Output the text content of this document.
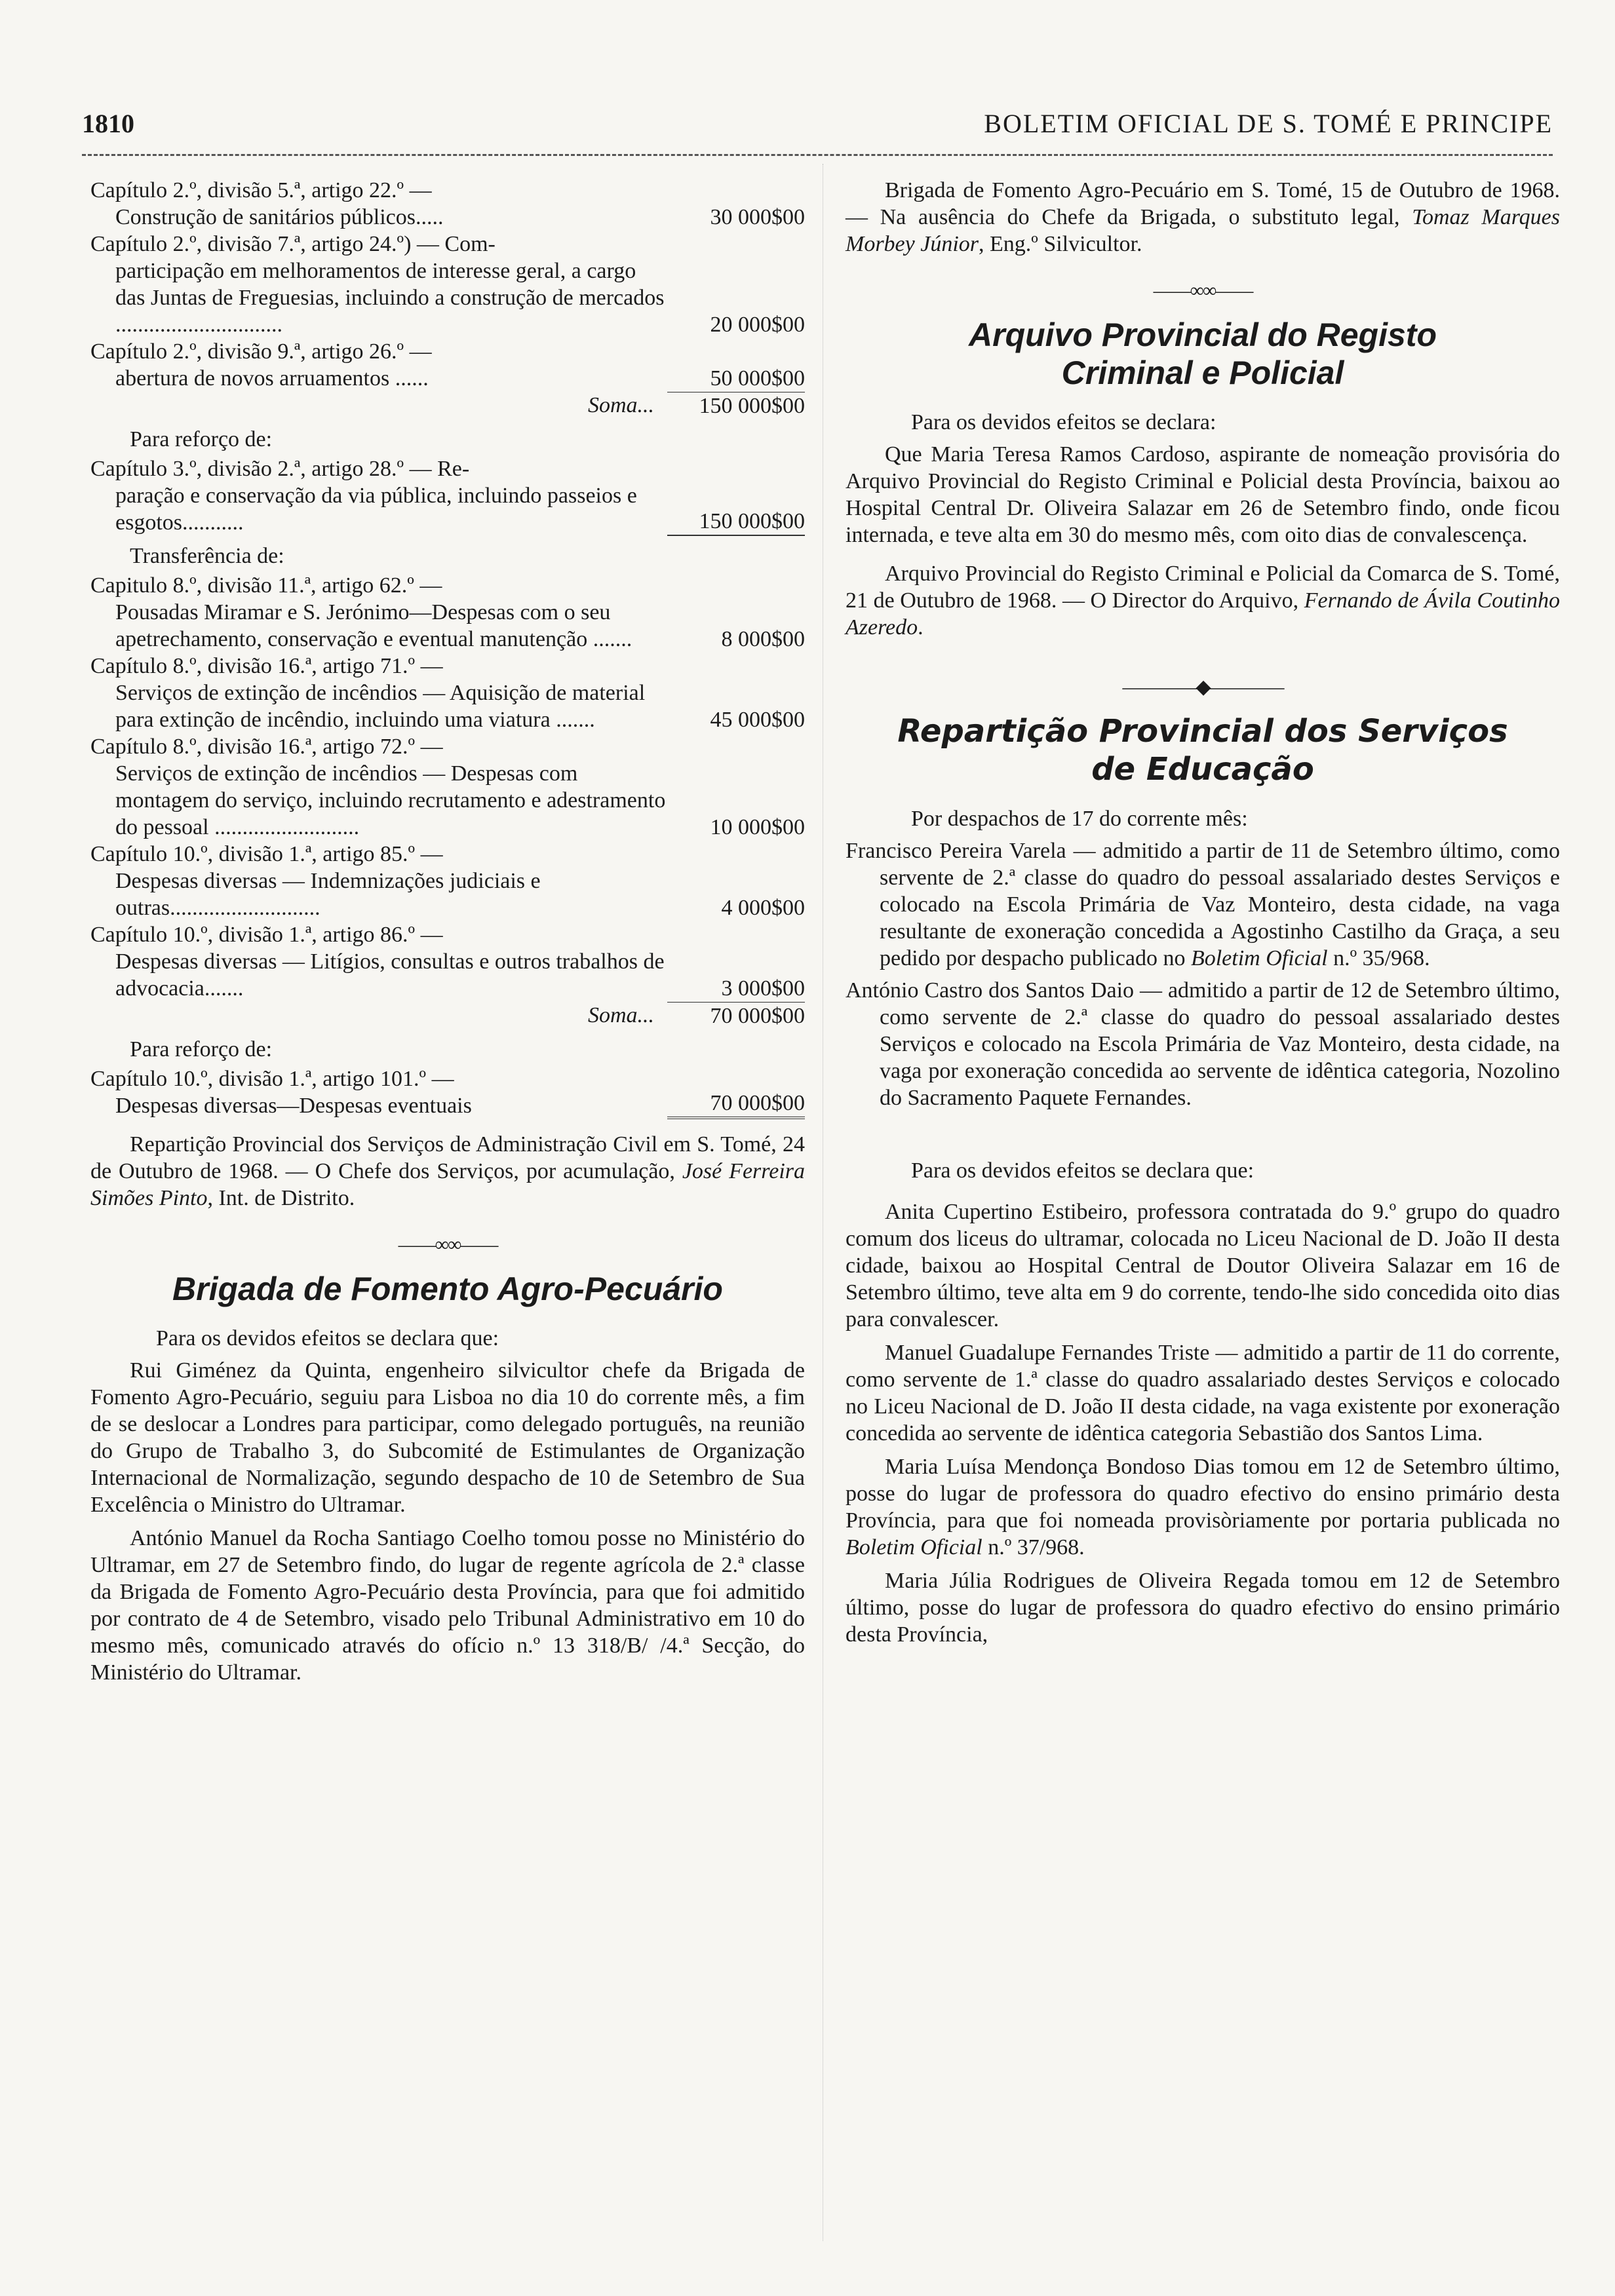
1810	BOLETIM OFICIAL DE S. TOMÉ E PRINCIPE
Capítulo 2.º, divisão 5.ª, artigo 22.º —
Construção de sanitários públicos.....	30 000$00
Capítulo 2.º, divisão 7.ª, artigo 24.º) — Com-
participação em melhoramentos de interesse geral, a cargo das Juntas de Freguesias, incluindo a construção de mercados ..............................	20 000$00
Capítulo 2.º, divisão 9.ª, artigo 26.º —
abertura de novos arruamentos ......	50 000$00
Soma...	150 000$00
Para reforço de:
Capítulo 3.º, divisão 2.ª, artigo 28.º — Re-
paração e conservação da via pública, incluindo passeios e esgotos...........	150 000$00
Transferência de:
Capitulo 8.º, divisão 11.ª, artigo 62.º —
Pousadas Miramar e S. Jerónimo—Despesas com o seu apetrechamento, conservação e eventual manutenção .......	8 000$00
Capítulo 8.º, divisão 16.ª, artigo 71.º —
Serviços de extinção de incêndios — Aquisição de material para extinção de incêndio, incluindo uma viatura .......	45 000$00
Capítulo 8.º, divisão 16.ª, artigo 72.º —
Serviços de extinção de incêndios — Despesas com montagem do serviço, incluindo recrutamento e adestramento do pessoal ..........................	10 000$00
Capítulo 10.º, divisão 1.ª, artigo 85.º —
Despesas diversas — Indemnizações judiciais e outras...........................	4 000$00
Capítulo 10.º, divisão 1.ª, artigo 86.º —
Despesas diversas — Litígios, consultas e outros trabalhos de advocacia.......	3 000$00
Soma...	70 000$00
Para reforço de:
Capítulo 10.º, divisão 1.ª, artigo 101.º —
Despesas diversas—Despesas eventuais	70 000$00

Repartição Provincial dos Serviços de Administração Civil em S. Tomé, 24 de Outubro de 1968. — O Chefe dos Serviços, por acumulação, José Ferreira Simões Pinto, Int. de Distrito.

——∞∞——
Brigada de Fomento Agro-Pecuário
Para os devidos efeitos se declara que:

Rui Giménez da Quinta, engenheiro silvicultor chefe da Brigada de Fomento Agro-Pecuário, seguiu para Lisboa no dia 10 do corrente mês, a fim de se deslocar a Londres para participar, como delegado português, na reunião do Grupo de Trabalho 3, do Subcomité de Estimulantes de Organização Internacional de Normalização, segundo despacho de 10 de Setembro de Sua Excelência o Ministro do Ultramar.

António Manuel da Rocha Santiago Coelho tomou posse no Ministério do Ultramar, em 27 de Setembro findo, do lugar de regente agrícola de 2.ª classe da Brigada de Fomento Agro-Pecuário desta Província, para que foi admitido por contrato de 4 de Setembro, visado pelo Tribunal Administrativo em 10 do mesmo mês, comunicado através do ofício n.º 13 318/B/ /4.ª Secção, do Ministério do Ultramar.

Brigada de Fomento Agro-Pecuário em S. Tomé, 15 de Outubro de 1968. — Na ausência do Chefe da Brigada, o substituto legal, Tomaz Marques Morbey Júnior, Eng.º Silvicultor.

——∞∞——
Arquivo Provincial do Registo
Criminal e Policial
Para os devidos efeitos se declara:

Que Maria Teresa Ramos Cardoso, aspirante de nomeação provisória do Arquivo Provincial do Registo Criminal e Policial desta Província, baixou ao Hospital Central Dr. Oliveira Salazar em 26 de Setembro findo, onde ficou internada, e teve alta em 30 do mesmo mês, com oito dias de convalescença.

Arquivo Provincial do Registo Criminal e Policial da Comarca de S. Tomé, 21 de Outubro de 1968. — O Director do Arquivo, Fernando de Ávila Coutinho Azeredo.

————◆————
Repartição Provincial dos Serviços
de Educação
Por despachos de 17 do corrente mês:

Francisco Pereira Varela — admitido a partir de 11 de Setembro último, como servente de 2.ª classe do quadro do pessoal assalariado destes Serviços e colocado na Escola Primária de Vaz Monteiro, desta cidade, na vaga resultante de exoneração concedida a Agostinho Castilho da Graça, a seu pedido por despacho publicado no Boletim Oficial n.º 35/968.

António Castro dos Santos Daio — admitido a partir de 12 de Setembro último, como servente de 2.ª classe do quadro do pessoal assalariado destes Serviços e colocado na Escola Primária de Vaz Monteiro, desta cidade, na vaga por exoneração concedida ao servente de idêntica categoria, Nozolino do Sacramento Paquete Fernandes.

Para os devidos efeitos se declara que:

Anita Cupertino Estibeiro, professora contratada do 9.º grupo do quadro comum dos liceus do ultramar, colocada no Liceu Nacional de D. João II desta cidade, baixou ao Hospital Central de Doutor Oliveira Salazar em 16 de Setembro último, teve alta em 9 do corrente, tendo-lhe sido concedida oito dias para convalescer.

Manuel Guadalupe Fernandes Triste — admitido a partir de 11 do corrente, como servente de 1.ª classe do quadro assalariado destes Serviços e colocado no Liceu Nacional de D. João II desta cidade, na vaga existente por exoneração concedida ao servente de idêntica categoria Sebastião dos Santos Lima.

Maria Luísa Mendonça Bondoso Dias tomou em 12 de Setembro último, posse do lugar de professora do quadro efectivo do ensino primário desta Província, para que foi nomeada provisòriamente por portaria publicada no Boletim Oficial n.º 37/968.

Maria Júlia Rodrigues de Oliveira Regada tomou em 12 de Setembro último, posse do lugar de professora do quadro efectivo do ensino primário desta Província,
